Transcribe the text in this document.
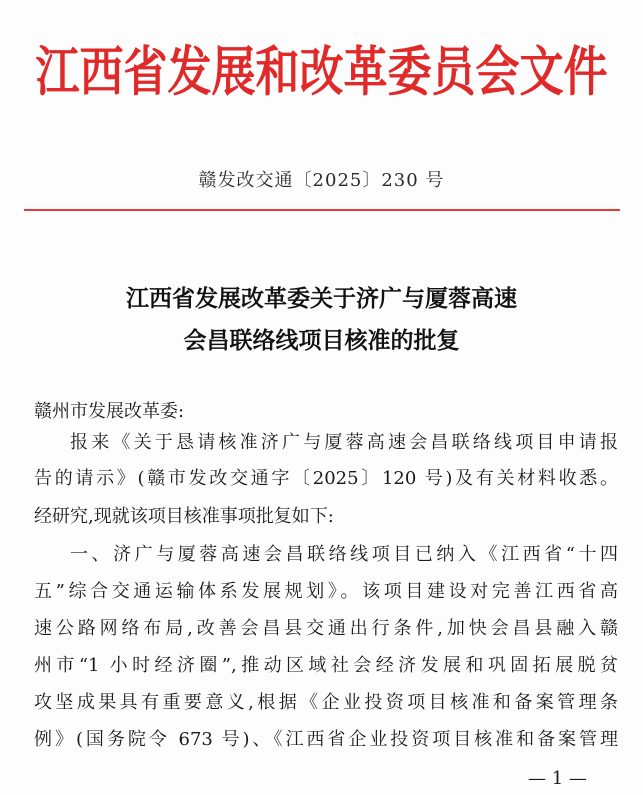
江西省发展和改革委员会文件
赣发改交通〔2025〕230 号
江西省发展改革委关于济广与厦蓉高速
会昌联络线项目核准的批复
赣州市发展改革委:
报来《关于恳请核准济广与厦蓉高速会昌联络线项目申请报
告的请示》(赣市发改交通字〔2025〕120 号)及有关材料收悉。
经研究,现就该项目核准事项批复如下:
一、济广与厦蓉高速会昌联络线项目已纳入《江西省“十四
五”综合交通运输体系发展规划》。该项目建设对完善江西省高
速公路网络布局,改善会昌县交通出行条件,加快会昌县融入赣
州市“1 小时经济圈”,推动区域社会经济发展和巩固拓展脱贫
攻坚成果具有重要意义,根据《企业投资项目核准和备案管理条
例》(国务院令 673 号)、《江西省企业投资项目核准和备案管理
— 1 —
